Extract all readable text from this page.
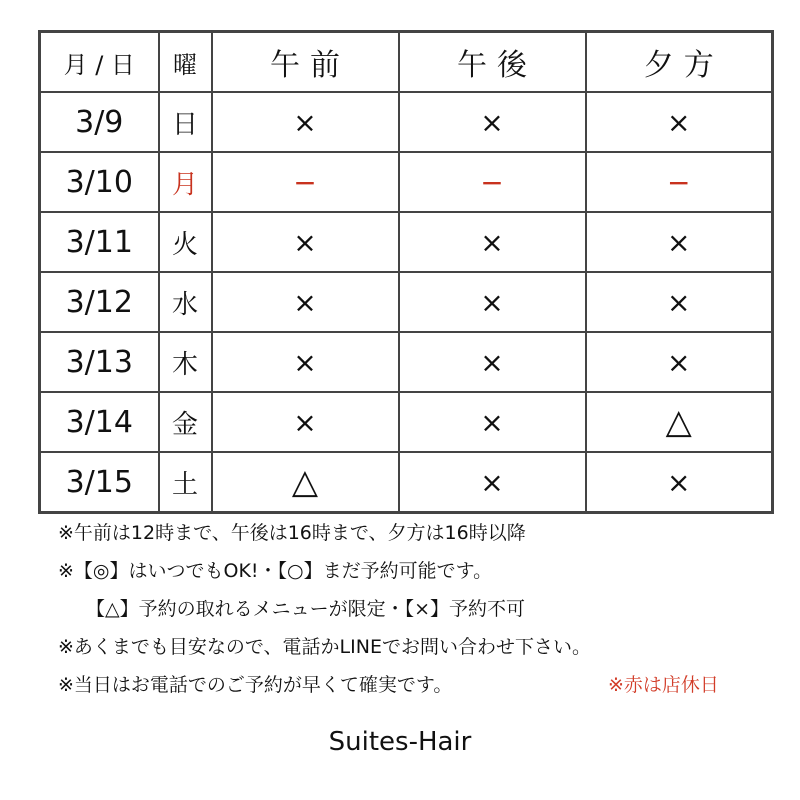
月 / 日	曜	午前	午後	夕方
3/9	日	×	×	×
3/10	月	−	−	−
3/11	火	×	×	×
3/12	水	×	×	×
3/13	木	×	×	×
3/14	金	×	×	△
3/15	土	△	×	×
※午前は12時まで、午後は16時まで、夕方は16時以降
※【◎】はいつでもOK!・【○】まだ予約可能です。
【△】予約の取れるメニューが限定・【×】予約不可
※あくまでも目安なので、電話かLINEでお問い合わせ下さい。
※当日はお電話でのご予約が早くて確実です。	※赤は店休日
Suites-Hair
